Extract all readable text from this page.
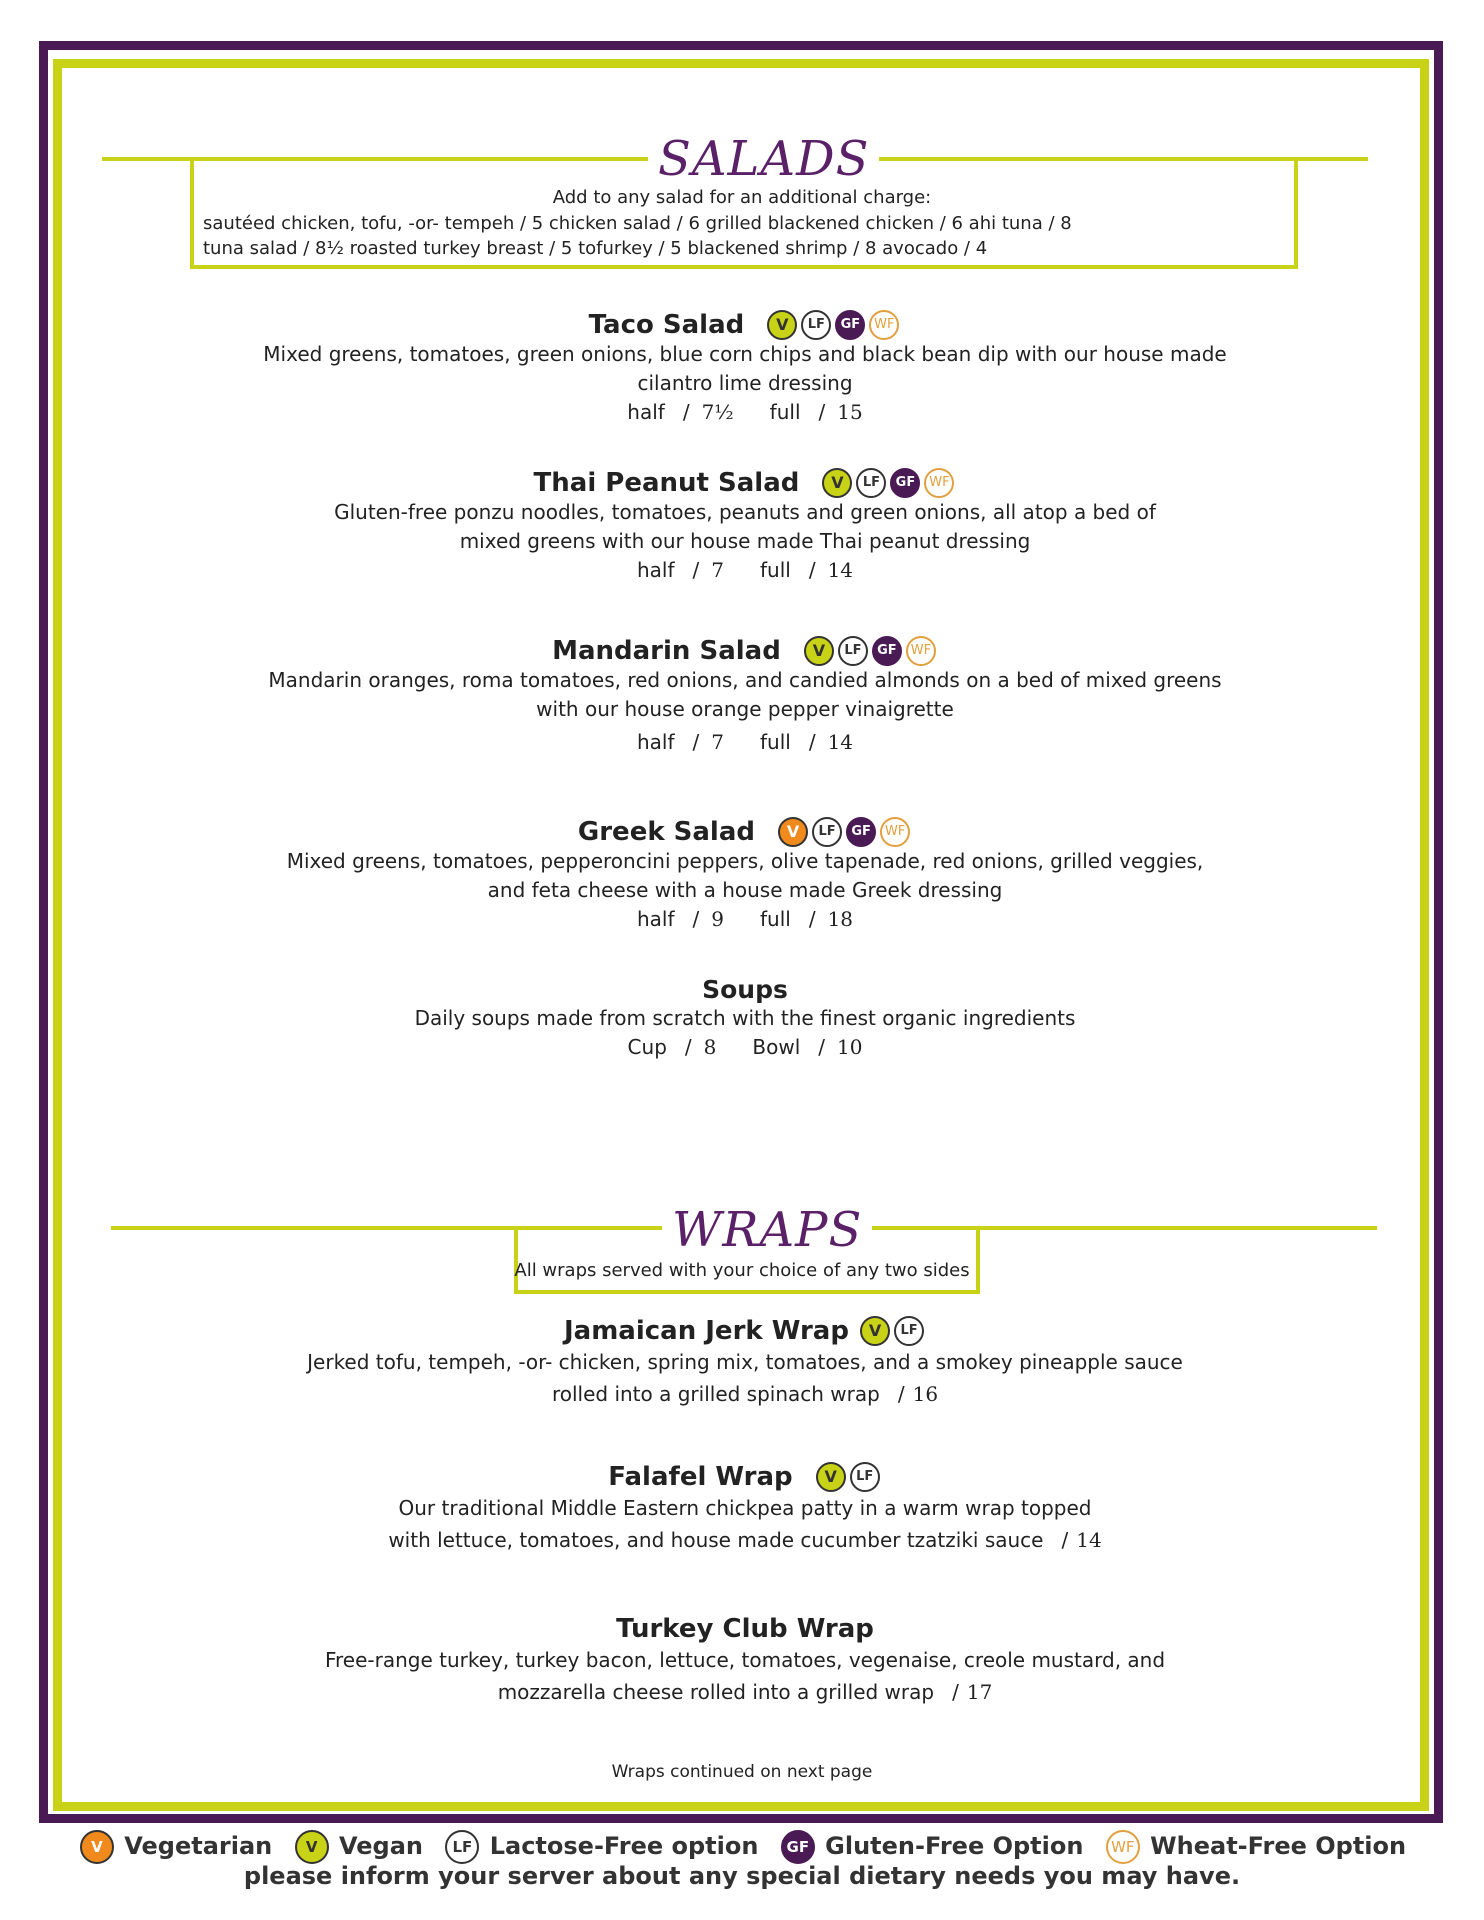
SALADS
Add to any salad for an additional charge:
sautéed chicken, tofu, -or- tempeh / 5 chicken salad / 6 grilled blackened chicken / 6 ahi tuna / 8
tuna salad / 8½ roasted turkey breast / 5 tofurkey / 5 blackened shrimp / 8 avocado / 4
Taco Salad V LF GF WF
Mixed greens, tomatoes, green onions, blue corn chips and black bean dip with our house made
cilantro lime dressing
half / 7½ full / 15
Thai Peanut Salad V LF GF WF
Gluten-free ponzu noodles, tomatoes, peanuts and green onions, all atop a bed of
mixed greens with our house made Thai peanut dressing
half / 7 full / 14
Mandarin Salad V LF GF WF
Mandarin oranges, roma tomatoes, red onions, and candied almonds on a bed of mixed greens
with our house orange pepper vinaigrette
half / 7 full / 14
Greek Salad V LF GF WF
Mixed greens, tomatoes, pepperoncini peppers, olive tapenade, red onions, grilled veggies,
and feta cheese with a house made Greek dressing
half / 9 full / 18
Soups
Daily soups made from scratch with the finest organic ingredients
Cup / 8 Bowl / 10
WRAPS
All wraps served with your choice of any two sides
Jamaican Jerk Wrap V LF
Jerked tofu, tempeh, -or- chicken, spring mix, tomatoes, and a smokey pineapple sauce
rolled into a grilled spinach wrap / 16
Falafel Wrap V LF
Our traditional Middle Eastern chickpea patty in a warm wrap topped
with lettuce, tomatoes, and house made cucumber tzatziki sauce / 14
Turkey Club Wrap
Free-range turkey, turkey bacon, lettuce, tomatoes, vegenaise, creole mustard, and
mozzarella cheese rolled into a grilled wrap / 17
Wraps continued on next page
V Vegetarian V Vegan LF Lactose-Free option GF Gluten-Free Option WF Wheat-Free Option
please inform your server about any special dietary needs you may have.
